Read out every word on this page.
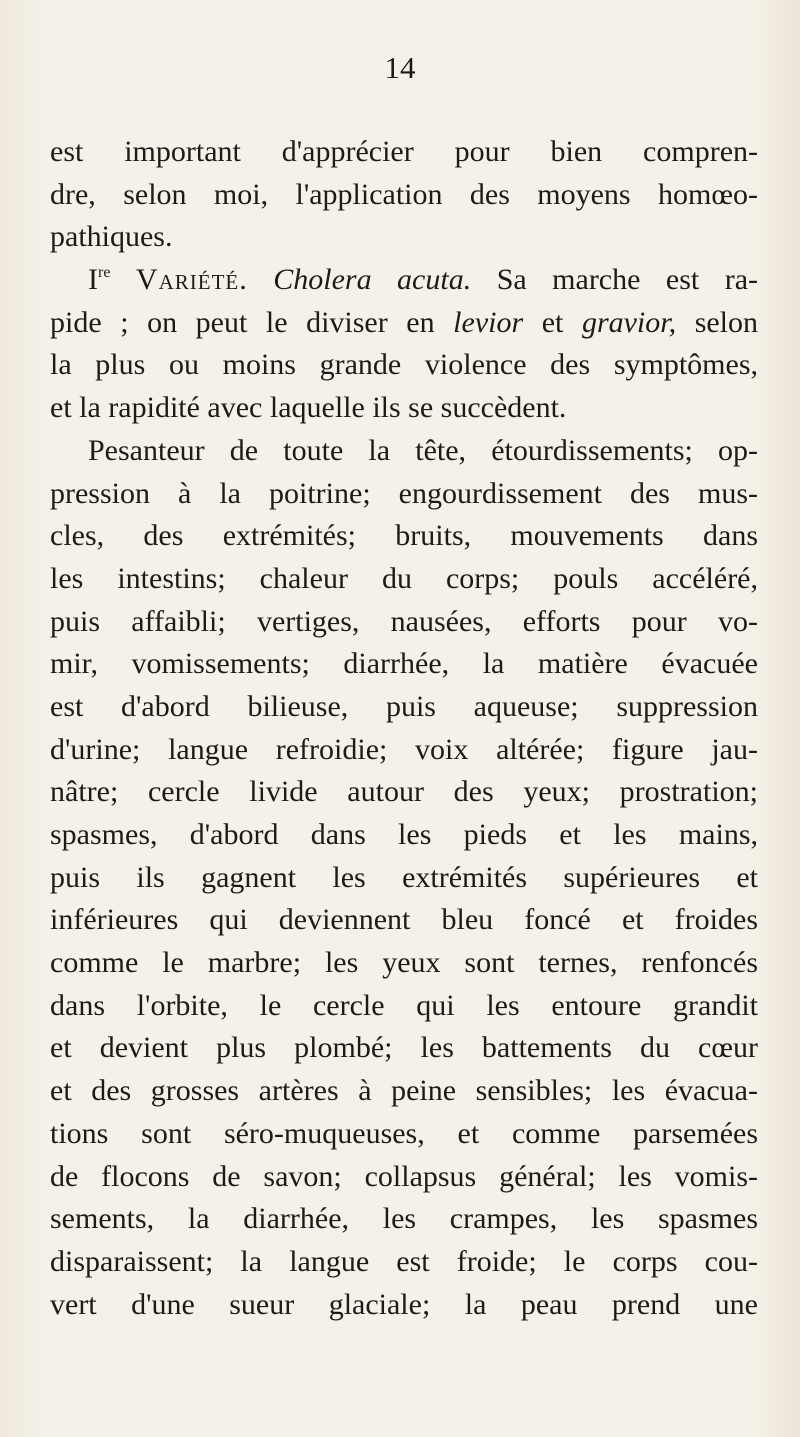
14
est important d'apprécier pour bien compren-
dre, selon moi, l'application des moyens homœo-
pathiques.
Ire Variété. Cholera acuta. Sa marche est ra-
pide ; on peut le diviser en levior et gravior, selon
la plus ou moins grande violence des symptômes,
et la rapidité avec laquelle ils se succèdent.
Pesanteur de toute la tête, étourdissements; op-
pression à la poitrine; engourdissement des mus-
cles, des extrémités; bruits, mouvements dans
les intestins; chaleur du corps; pouls accéléré,
puis affaibli; vertiges, nausées, efforts pour vo-
mir, vomissements; diarrhée, la matière évacuée
est d'abord bilieuse, puis aqueuse; suppression
d'urine; langue refroidie; voix altérée; figure jau-
nâtre; cercle livide autour des yeux; prostration;
spasmes, d'abord dans les pieds et les mains,
puis ils gagnent les extrémités supérieures et
inférieures qui deviennent bleu foncé et froides
comme le marbre; les yeux sont ternes, renfoncés
dans l'orbite, le cercle qui les entoure grandit
et devient plus plombé; les battements du cœur
et des grosses artères à peine sensibles; les évacua-
tions sont séro-muqueuses, et comme parsemées
de flocons de savon; collapsus général; les vomis-
sements, la diarrhée, les crampes, les spasmes
disparaissent; la langue est froide; le corps cou-
vert d'une sueur glaciale; la peau prend une
